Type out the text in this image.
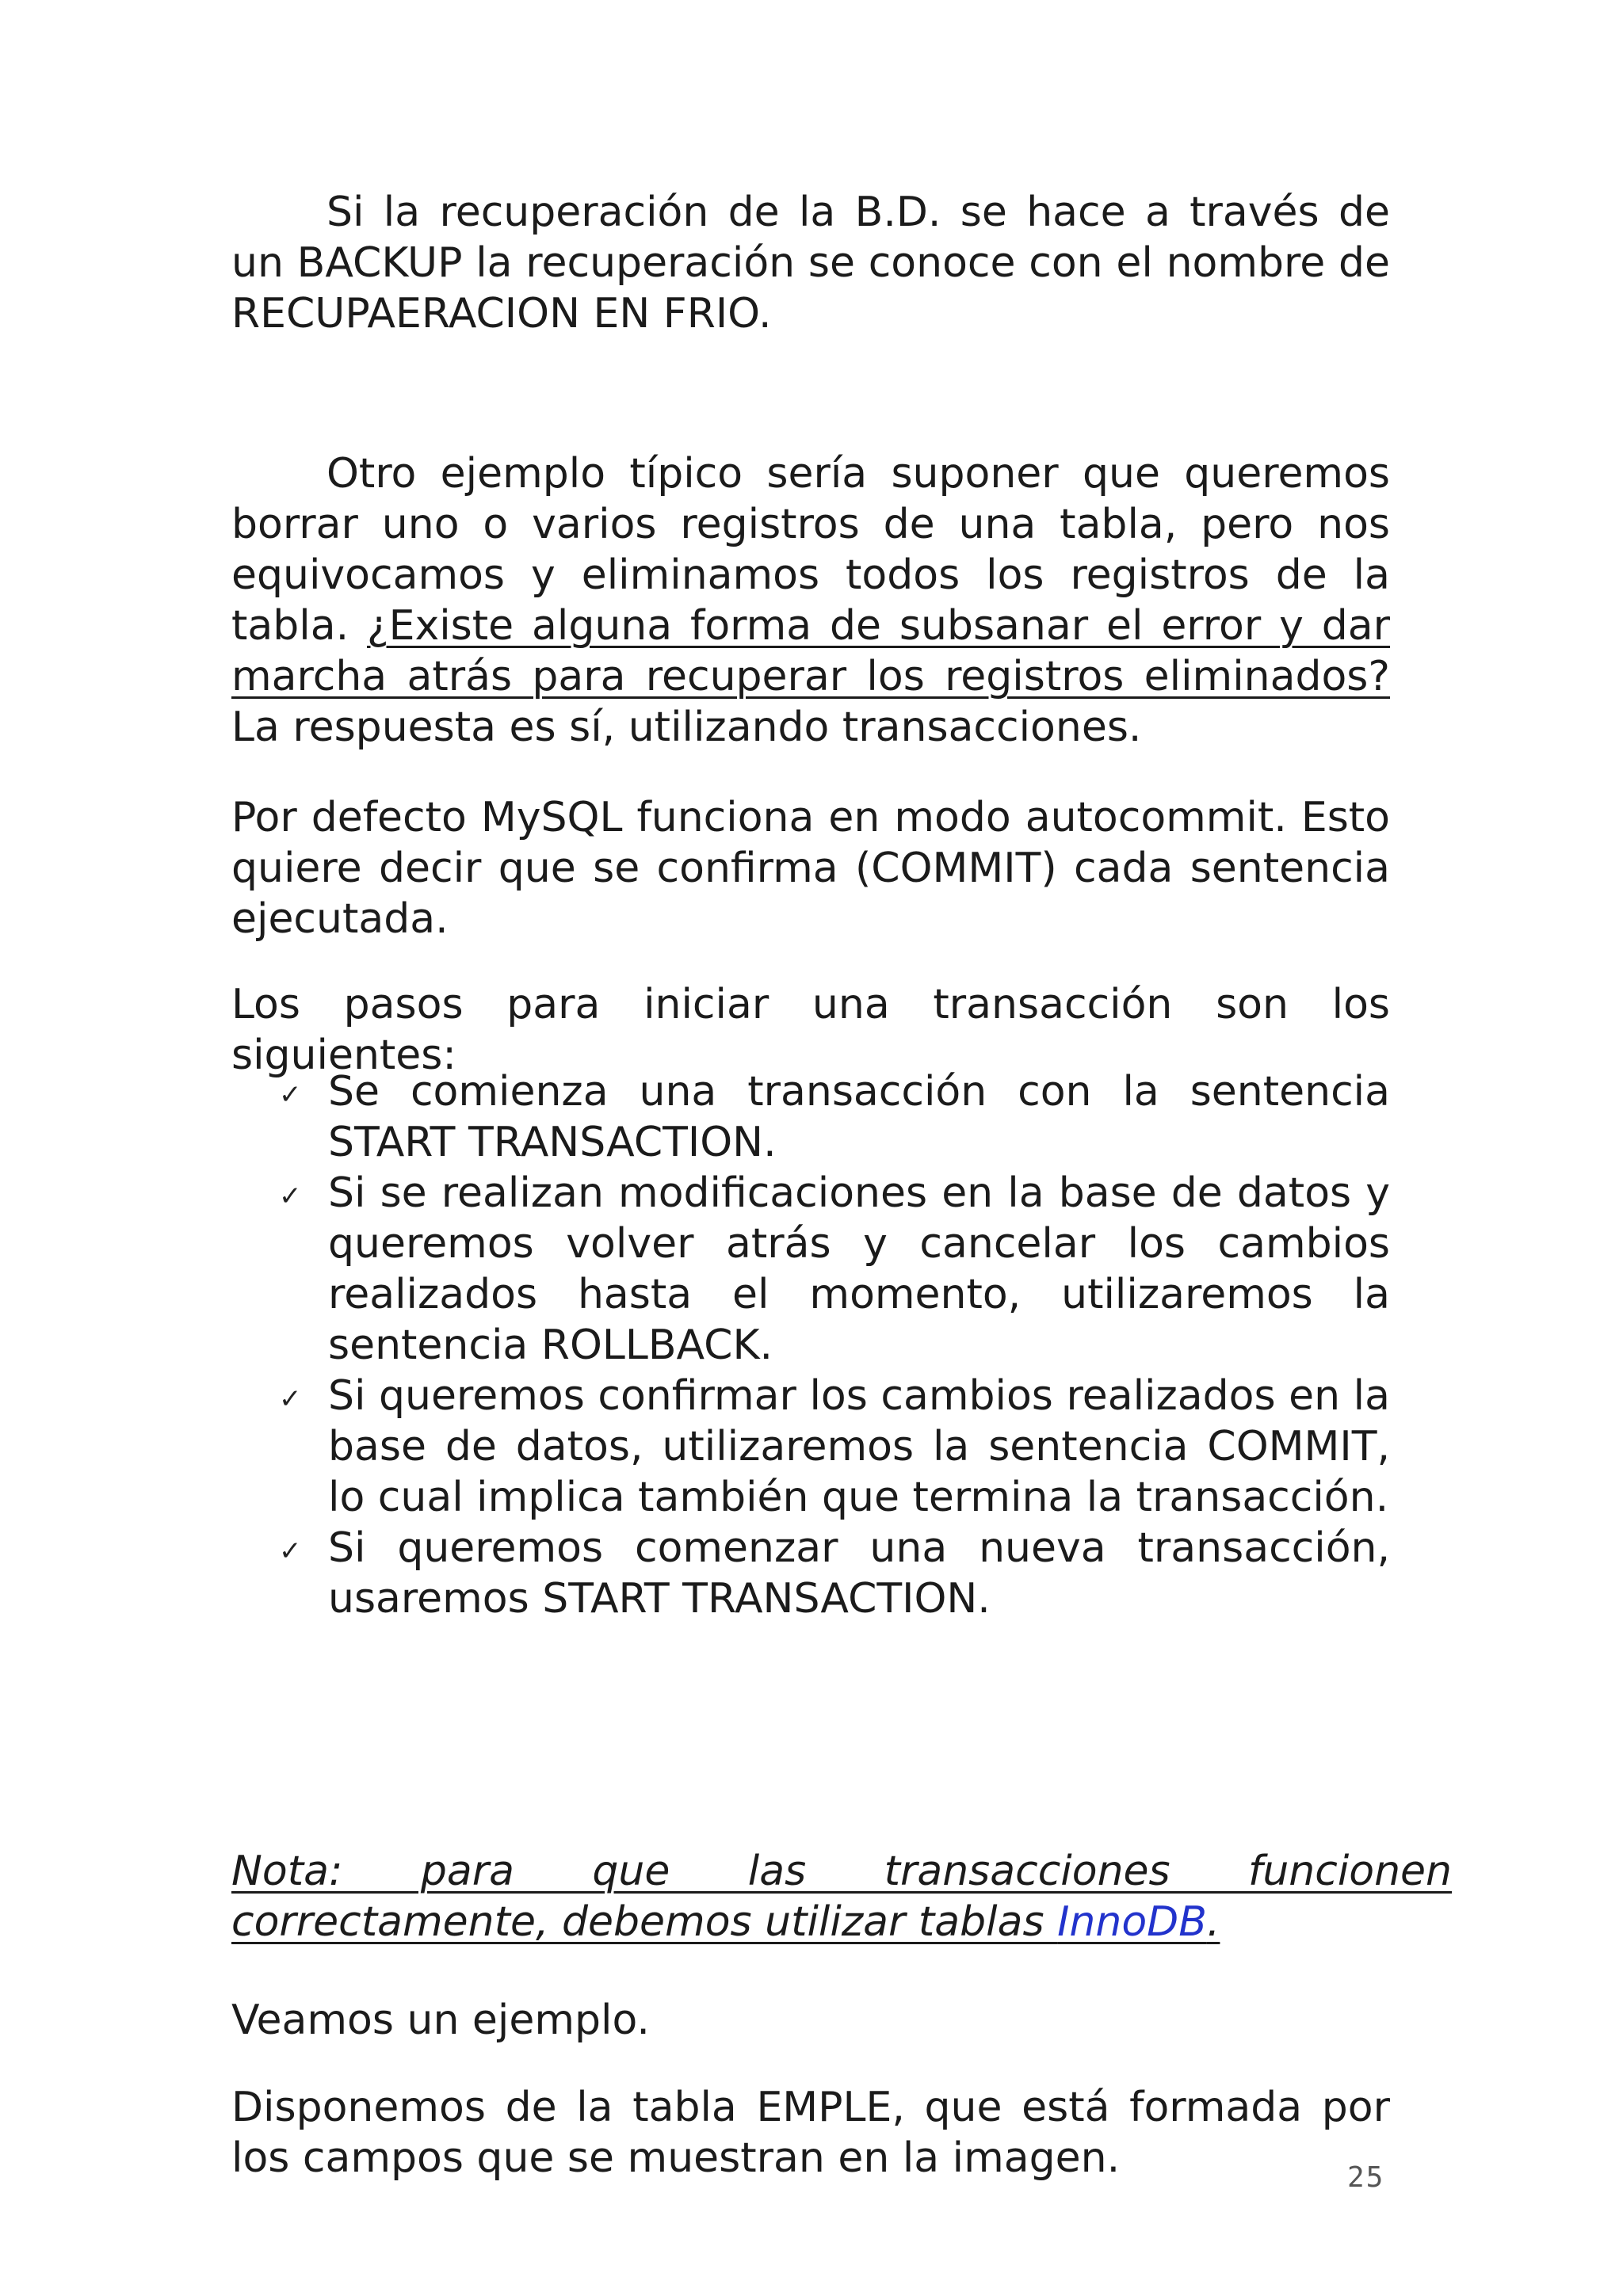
Si la recuperación de la B.D. se hace a través de un BACKUP la recuperación se conoce con el nombre de RECUPAERACION EN FRIO.

Otro ejemplo típico sería suponer que queremos borrar uno o varios registros de una tabla, pero nos equivocamos y eliminamos todos los registros de la tabla. ¿Existe alguna forma de subsanar el error y dar marcha atrás para recuperar los registros eliminados? La respuesta es sí, utilizando transacciones.

Por defecto MySQL funciona en modo autocommit. Esto quiere decir que se confirma (COMMIT) cada sentencia ejecutada.

Los pasos para iniciar una transacción son los siguientes:

✓ Se comienza una transacción con la sentencia START TRANSACTION.
✓ Si se realizan modificaciones en la base de datos y queremos volver atrás y cancelar los cambios realizados hasta el momento, utilizaremos la sentencia ROLLBACK.
✓ Si queremos confirmar los cambios realizados en la base de datos, utilizaremos la sentencia COMMIT, lo cual implica también que termina la transacción.
✓ Si queremos comenzar una nueva transacción, usaremos START TRANSACTION.
Nota: para que las transacciones funcionen
correctamente, debemos utilizar tablas InnoDB.

Veamos un ejemplo.

Disponemos de la tabla EMPLE, que está formada por los campos que se muestran en la imagen.	25
